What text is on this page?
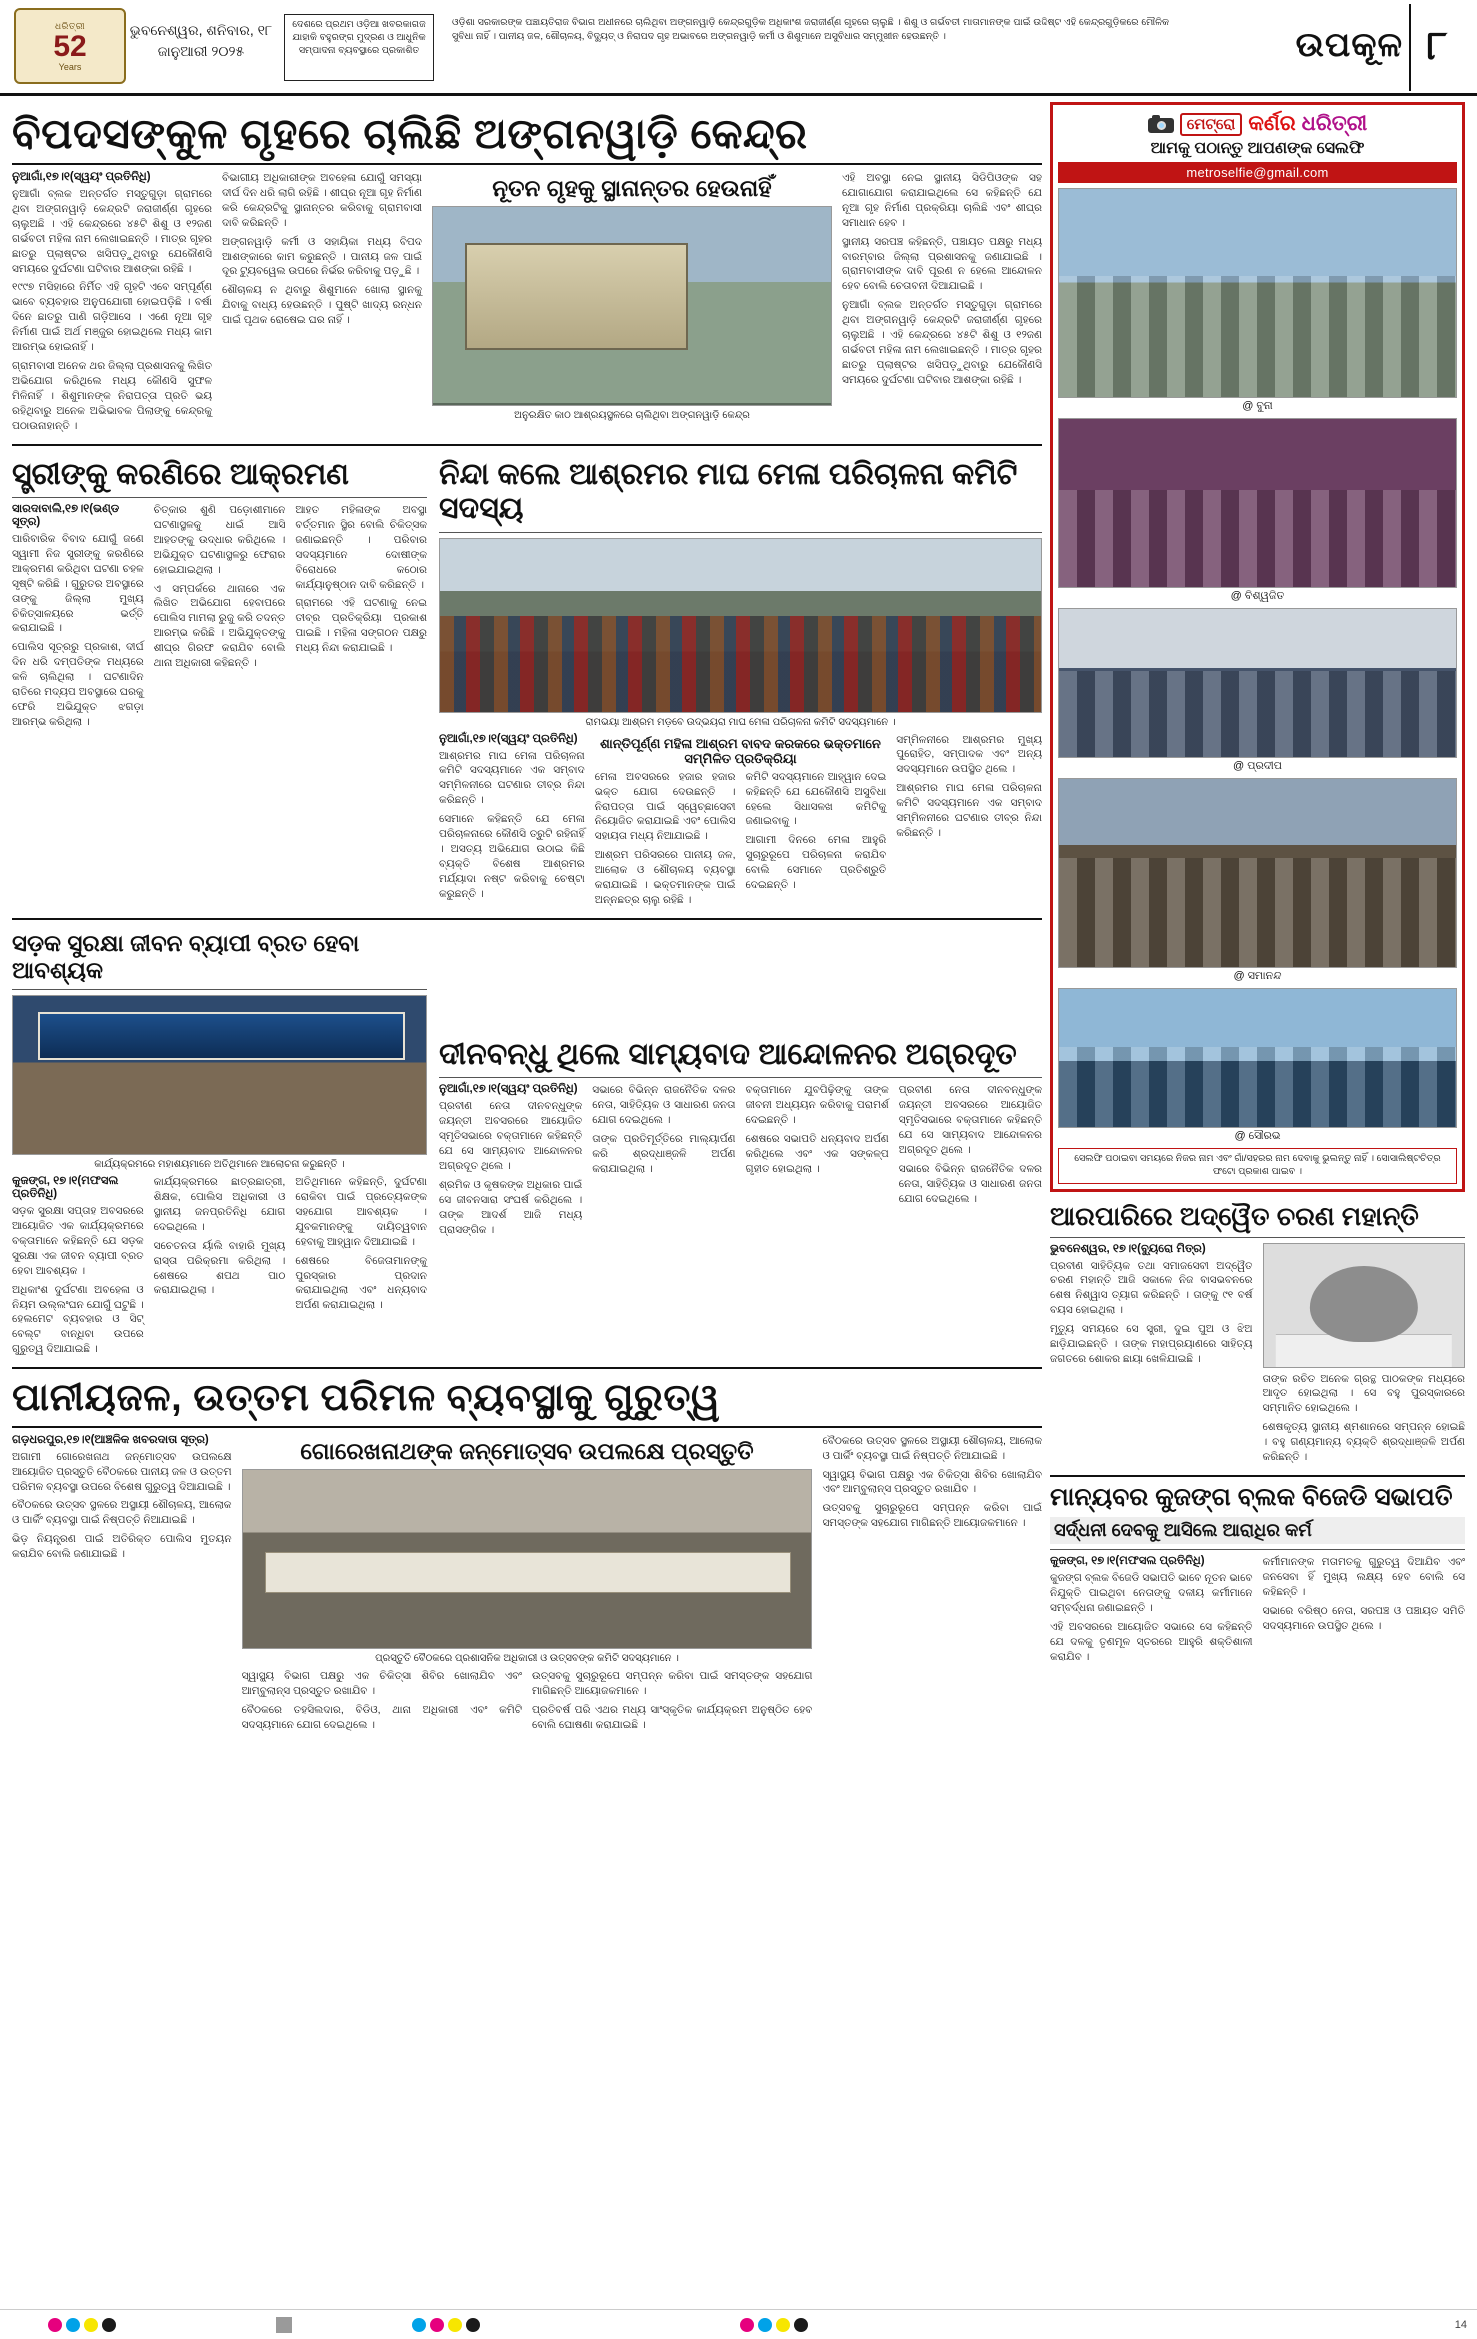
ଧରିତ୍ରୀ
52
Years
ଭୁବନେଶ୍ୱର, ଶନିବାର, ୧୮ ଜାନୁଆରୀ ୨୦୨୫
ଦେଶରେ ପ୍ରଥମ ଓଡ଼ିଆ ଖବରକାଗଜ ଯାହାକି ବହୁରଙ୍ଗ ମୁଦ୍ରଣ ଓ ଆଧୁନିକ ସମ୍ପାଦନା ବ୍ୟବସ୍ଥାରେ ପ୍ରକାଶିତ
ଓଡ଼ିଶା ସରକାରଙ୍କ ପଞ୍ଚାୟତିରାଜ ବିଭାଗ ଅଧୀନରେ ଚାଲିଥିବା ଅଙ୍ଗନୱାଡ଼ି କେନ୍ଦ୍ରଗୁଡ଼ିକ ଅଧିକାଂଶ ଜରାଜୀର୍ଣ୍ଣ ଗୃହରେ ଚାଲୁଛି । ଶିଶୁ ଓ ଗର୍ଭବତୀ ମାତାମାନଙ୍କ ପାଇଁ ଉଦ୍ଦିଷ୍ଟ ଏହି କେନ୍ଦ୍ରଗୁଡ଼ିକରେ ମୌଳିକ ସୁବିଧା ନାହିଁ । ପାନୀୟ ଜଳ, ଶୌଚାଳୟ, ବିଦ୍ୟୁତ୍ ଓ ନିରାପଦ ଗୃହ ଅଭାବରେ ଅଙ୍ଗନୱାଡ଼ି କର୍ମୀ ଓ ଶିଶୁମାନେ ଅସୁବିଧାର ସମ୍ମୁଖୀନ ହେଉଛନ୍ତି ।	ଉପକୂଳ ୮
ବିପଦସଙ୍କୁଳ ଗୃହରେ ଚାଲିଛି ଅଙ୍ଗନୱାଡ଼ି କେନ୍ଦ୍ର
ନୁଆଗାଁ,୧୭।୧(ସ୍ୱୟଂ ପ୍ରତିନିଧି)

ନୁଆଗାଁ ବ୍ଲକ ଅନ୍ତର୍ଗତ ମସ୍ତୁଗୁଡ଼ା ଗ୍ରାମରେ ଥିବା ଅଙ୍ଗନୱାଡ଼ି କେନ୍ଦ୍ରଟି ଜରାଜୀର୍ଣ୍ଣ ଗୃହରେ ଚାଲୁଅଛି । ଏହି କେନ୍ଦ୍ରରେ ୪୫ଟି ଶିଶୁ ଓ ୧୨ଜଣ ଗର୍ଭବତୀ ମହିଳା ନାମ ଲେଖାଇଛନ୍ତି । ମାତ୍ର ଗୃହର ଛାତରୁ ପ୍ଲାଷ୍ଟର ଖସିପଡ଼ୁଥିବାରୁ ଯେକୌଣସି ସମୟରେ ଦୁର୍ଘଟଣା ଘଟିବାର ଆଶଙ୍କା ରହିଛି ।

୧୯୯୭ ମସିହାରେ ନିର୍ମିତ ଏହି ଗୃହଟି ଏବେ ସମ୍ପୂର୍ଣ୍ଣ ଭାବେ ବ୍ୟବହାର ଅନୁପଯୋଗୀ ହୋଇପଡ଼ିଛି । ବର୍ଷା ଦିନେ ଛାତରୁ ପାଣି ଗଡ଼ିଆସେ । ଏଣେ ନୂଆ ଗୃହ ନିର୍ମାଣ ପାଇଁ ଅର୍ଥ ମଞ୍ଜୁର ହୋଇଥିଲେ ମଧ୍ୟ କାମ ଆରମ୍ଭ ହୋଇନାହିଁ ।

ଗ୍ରାମବାସୀ ଅନେକ ଥର ଜିଲ୍ଲା ପ୍ରଶାସନକୁ ଲିଖିତ ଅଭିଯୋଗ କରିଥିଲେ ମଧ୍ୟ କୌଣସି ସୁଫଳ ମିଳିନାହିଁ । ଶିଶୁମାନଙ୍କ ନିରାପତ୍ତା ପ୍ରତି ଭୟ ରହିଥିବାରୁ ଅନେକ ଅଭିଭାବକ ପିଲାଙ୍କୁ କେନ୍ଦ୍ରକୁ ପଠାଉନାହାନ୍ତି ।

ବିଭାଗୀୟ ଅଧିକାରୀଙ୍କ ଅବହେଳା ଯୋଗୁଁ ସମସ୍ୟା ଦୀର୍ଘ ଦିନ ଧରି ଲାଗି ରହିଛି । ଶୀଘ୍ର ନୂଆ ଗୃହ ନିର୍ମାଣ କରି କେନ୍ଦ୍ରଟିକୁ ସ୍ଥାନାନ୍ତର କରିବାକୁ ଗ୍ରାମବାସୀ ଦାବି କରିଛନ୍ତି ।

ଅଙ୍ଗନୱାଡ଼ି କର୍ମୀ ଓ ସହାୟିକା ମଧ୍ୟ ବିପଦ ଆଶଙ୍କାରେ କାମ କରୁଛନ୍ତି । ପାନୀୟ ଜଳ ପାଇଁ ଦୂର ଟ୍ୟୁବୱେଲ ଉପରେ ନିର୍ଭର କରିବାକୁ ପଡ଼ୁଛି ।

ଶୌଚାଳୟ ନ ଥିବାରୁ ଶିଶୁମାନେ ଖୋଲା ସ୍ଥାନକୁ ଯିବାକୁ ବାଧ୍ୟ ହେଉଛନ୍ତି । ପୁଷ୍ଟି ଖାଦ୍ୟ ରନ୍ଧନ ପାଇଁ ପୃଥକ ରୋଷେଇ ଘର ନାହିଁ ।

ନୂତନ ଗୃହକୁ ସ୍ଥାନାନ୍ତର ହେଉନାହିଁ
ଅନୁରକ୍ଷିତ କାଠ ଆଶ୍ରୟସ୍ଥଳରେ ଚାଲିଥିବା ଅଙ୍ଗନୱାଡ଼ି କେନ୍ଦ୍ର

ଏହି ଅବସ୍ଥା ନେଇ ସ୍ଥାନୀୟ ସିଡିପିଓଙ୍କ ସହ ଯୋଗାଯୋଗ କରାଯାଇଥିଲେ ସେ କହିଛନ୍ତି ଯେ ନୂଆ ଗୃହ ନିର୍ମାଣ ପ୍ରକ୍ରିୟା ଚାଲିଛି ଏବଂ ଶୀଘ୍ର ସମାଧାନ ହେବ ।

ସ୍ଥାନୀୟ ସରପଞ୍ଚ କହିଛନ୍ତି, ପଞ୍ଚାୟତ ପକ୍ଷରୁ ମଧ୍ୟ ବାରମ୍ବାର ଜିଲ୍ଲା ପ୍ରଶାସନକୁ ଜଣାଯାଇଛି । ଗ୍ରାମବାସୀଙ୍କ ଦାବି ପୂରଣ ନ ହେଲେ ଆନ୍ଦୋଳନ ହେବ ବୋଲି ଚେତାବନୀ ଦିଆଯାଇଛି ।

ନୁଆଗାଁ ବ୍ଲକ ଅନ୍ତର୍ଗତ ମସ୍ତୁଗୁଡ଼ା ଗ୍ରାମରେ ଥିବା ଅଙ୍ଗନୱାଡ଼ି କେନ୍ଦ୍ରଟି ଜରାଜୀର୍ଣ୍ଣ ଗୃହରେ ଚାଲୁଅଛି । ଏହି କେନ୍ଦ୍ରରେ ୪୫ଟି ଶିଶୁ ଓ ୧୨ଜଣ ଗର୍ଭବତୀ ମହିଳା ନାମ ଲେଖାଇଛନ୍ତି । ମାତ୍ର ଗୃହର ଛାତରୁ ପ୍ଲାଷ୍ଟର ଖସିପଡ଼ୁଥିବାରୁ ଯେକୌଣସି ସମୟରେ ଦୁର୍ଘଟଣା ଘଟିବାର ଆଶଙ୍କା ରହିଛି ।

ସ୍ତ୍ରୀଙ୍କୁ କରଣିରେ ଆକ୍ରମଣ
ସାରଦାବାଲି,୧୭।୧(ଭଣ୍ଡ ସୂତ୍ର)

ପାରିବାରିକ ବିବାଦ ଯୋଗୁଁ ଜଣେ ସ୍ୱାମୀ ନିଜ ସ୍ତ୍ରୀଙ୍କୁ କରଣିରେ ଆକ୍ରମଣ କରିଥିବା ଘଟଣା ଚହଳ ସୃଷ୍ଟି କରିଛି । ଗୁରୁତର ଅବସ୍ଥାରେ ତାଙ୍କୁ ଜିଲ୍ଲା ମୁଖ୍ୟ ଚିକିତ୍ସାଳୟରେ ଭର୍ତ୍ତି କରାଯାଇଛି ।

ପୋଲିସ ସୂତ୍ରରୁ ପ୍ରକାଶ, ଦୀର୍ଘ ଦିନ ଧରି ଦମ୍ପତିଙ୍କ ମଧ୍ୟରେ କଳି ଚାଲିଥିଲା । ଘଟଣାଦିନ ରାତିରେ ମଦ୍ୟପ ଅବସ୍ଥାରେ ଘରକୁ ଫେରି ଅଭିଯୁକ୍ତ ଝଗଡ଼ା ଆରମ୍ଭ କରିଥିଲା ।

ଚିତ୍କାର ଶୁଣି ପଡ଼ୋଶୀମାନେ ଘଟଣାସ୍ଥଳକୁ ଧାଇଁ ଆସି ଆହତଙ୍କୁ ଉଦ୍ଧାର କରିଥିଲେ । ଅଭିଯୁକ୍ତ ଘଟଣାସ୍ଥଳରୁ ଫେରାର ହୋଇଯାଇଥିଲା ।

ଏ ସମ୍ପର୍କରେ ଥାନାରେ ଏକ ଲିଖିତ ଅଭିଯୋଗ ହେବାପରେ ପୋଲିସ ମାମଲା ରୁଜୁ କରି ତଦନ୍ତ ଆରମ୍ଭ କରିଛି । ଅଭିଯୁକ୍ତଙ୍କୁ ଶୀଘ୍ର ଗିରଫ କରାଯିବ ବୋଲି ଥାନା ଅଧିକାରୀ କହିଛନ୍ତି ।

ଆହତ ମହିଳାଙ୍କ ଅବସ୍ଥା ବର୍ତ୍ତମାନ ସ୍ଥିର ବୋଲି ଚିକିତ୍ସକ ଜଣାଇଛନ୍ତି । ପରିବାର ସଦସ୍ୟମାନେ ଦୋଷୀଙ୍କ ବିରୋଧରେ କଠୋର କାର୍ଯ୍ୟାନୁଷ୍ଠାନ ଦାବି କରିଛନ୍ତି ।

ଗ୍ରାମରେ ଏହି ଘଟଣାକୁ ନେଇ ତୀବ୍ର ପ୍ରତିକ୍ରିୟା ପ୍ରକାଶ ପାଇଛି । ମହିଳା ସଙ୍ଗଠନ ପକ୍ଷରୁ ମଧ୍ୟ ନିନ୍ଦା କରାଯାଇଛି ।

ନିନ୍ଦା କଲେ ଆଶ୍ରମର ମାଘ ମେଳା ପରିଚାଳନା କମିଟି ସଦସ୍ୟ
ରାମଭୟା ଆଶ୍ରମ ମଡ଼ବେ ଉଦ୍ଭୟରା ମାଘ ମେଳା ପରିଚାଳନା କମିଟି ସଦସ୍ୟମାନେ ।
ନୁଆଗାଁ,୧୭।୧(ସ୍ୱୟଂ ପ୍ରତିନିଧି)

ଆଶ୍ରମର ମାଘ ମେଳା ପରିଚାଳନା କମିଟି ସଦସ୍ୟମାନେ ଏକ ସମ୍ବାଦ ସମ୍ମିଳନୀରେ ଘଟଣାର ତୀବ୍ର ନିନ୍ଦା କରିଛନ୍ତି ।

ସେମାନେ କହିଛନ୍ତି ଯେ ମେଳା ପରିଚାଳନାରେ କୌଣସି ତ୍ରୁଟି ରହିନାହିଁ । ଅସତ୍ୟ ଅଭିଯୋଗ ଉଠାଇ କିଛି ବ୍ୟକ୍ତି ବିଶେଷ ଆଶ୍ରମର ମର୍ଯ୍ୟାଦା ନଷ୍ଟ କରିବାକୁ ଚେଷ୍ଟା କରୁଛନ୍ତି ।

ଶାନ୍ତିପୂର୍ଣ୍ଣ ମହିଳା ଆଶ୍ରମ ବାବଦ କରକରେ ଭକ୍ତମାନେ ସମ୍ମିଳିତ ପ୍ରତିକ୍ରିୟା

ମେଳା ଅବସରରେ ହଜାର ହଜାର ଭକ୍ତ ଯୋଗ ଦେଉଛନ୍ତି । ନିରାପତ୍ତା ପାଇଁ ସ୍ୱେଚ୍ଛାସେବୀ ନିୟୋଜିତ କରାଯାଇଛି ଏବଂ ପୋଲିସ ସହାୟତା ମଧ୍ୟ ନିଆଯାଇଛି ।

ଆଶ୍ରମ ପରିସରରେ ପାନୀୟ ଜଳ, ଆଲୋକ ଓ ଶୌଚାଳୟ ବ୍ୟବସ୍ଥା କରାଯାଇଛି । ଭକ୍ତମାନଙ୍କ ପାଇଁ ଅନ୍ନଛତ୍ର ଚାଲୁ ରହିଛି ।

କମିଟି ସଦସ୍ୟମାନେ ଆହ୍ୱାନ ଦେଇ କହିଛନ୍ତି ଯେ ଯେକୌଣସି ଅସୁବିଧା ହେଲେ ସିଧାସଳଖ କମିଟିକୁ ଜଣାଇବାକୁ ।

ଆଗାମୀ ଦିନରେ ମେଳା ଆହୁରି ସୁଚାରୁରୂପେ ପରିଚାଳନା କରାଯିବ ବୋଲି ସେମାନେ ପ୍ରତିଶ୍ରୁତି ଦେଇଛନ୍ତି ।

ସମ୍ମିଳନୀରେ ଆଶ୍ରମର ମୁଖ୍ୟ ପୁରୋହିତ, ସମ୍ପାଦକ ଏବଂ ଅନ୍ୟ ସଦସ୍ୟମାନେ ଉପସ୍ଥିତ ଥିଲେ ।

ଆଶ୍ରମର ମାଘ ମେଳା ପରିଚାଳନା କମିଟି ସଦସ୍ୟମାନେ ଏକ ସମ୍ବାଦ ସମ୍ମିଳନୀରେ ଘଟଣାର ତୀବ୍ର ନିନ୍ଦା କରିଛନ୍ତି ।

ସଡ଼କ ସୁରକ୍ଷା ଜୀବନ ବ୍ୟାପୀ ବ୍ରତ ହେବା ଆବଶ୍ୟକ
କାର୍ଯ୍ୟକ୍ରମରେ ମହାଶୟମାନେ ଅତିଥିମାନେ ଆଲୋଚନା କରୁଛନ୍ତି ।
କୁଜଙ୍ଗ, ୧୭।୧(ମଫସଲ ପ୍ରତିନିଧି)

ସଡ଼କ ସୁରକ୍ଷା ସପ୍ତାହ ଅବସରରେ ଆୟୋଜିତ ଏକ କାର୍ଯ୍ୟକ୍ରମରେ ବକ୍ତାମାନେ କହିଛନ୍ତି ଯେ ସଡ଼କ ସୁରକ୍ଷା ଏକ ଜୀବନ ବ୍ୟାପୀ ବ୍ରତ ହେବା ଆବଶ୍ୟକ ।

ଅଧିକାଂଶ ଦୁର୍ଘଟଣା ଅବହେଳା ଓ ନିୟମ ଉଲ୍ଲଂଘନ ଯୋଗୁଁ ଘଟୁଛି । ହେଲମେଟ ବ୍ୟବହାର ଓ ସିଟ୍ ବେଲ୍ଟ ବାନ୍ଧିବା ଉପରେ ଗୁରୁତ୍ୱ ଦିଆଯାଇଛି ।

କାର୍ଯ୍ୟକ୍ରମରେ ଛାତ୍ରଛାତ୍ରୀ, ଶିକ୍ଷକ, ପୋଲିସ ଅଧିକାରୀ ଓ ସ୍ଥାନୀୟ ଜନପ୍ରତିନିଧି ଯୋଗ ଦେଇଥିଲେ ।

ସଚେତନତା ର୍ୟାଲି ବାହାରି ମୁଖ୍ୟ ରାସ୍ତା ପରିକ୍ରମା କରିଥିଲା । ଶେଷରେ ଶପଥ ପାଠ କରାଯାଇଥିଲା ।

ଅତିଥିମାନେ କହିଛନ୍ତି, ଦୁର୍ଘଟଣା ରୋକିବା ପାଇଁ ପ୍ରତ୍ୟେକଙ୍କ ସହଯୋଗ ଆବଶ୍ୟକ । ଯୁବକମାନଙ୍କୁ ଦାୟିତ୍ୱବାନ ହେବାକୁ ଆହ୍ୱାନ ଦିଆଯାଇଛି ।

ଶେଷରେ ବିଜେତାମାନଙ୍କୁ ପୁରସ୍କାର ପ୍ରଦାନ କରାଯାଇଥିଲା ଏବଂ ଧନ୍ୟବାଦ ଅର୍ପଣ କରାଯାଇଥିଲା ।

ଦୀନବନ୍ଧୁ ଥିଲେ ସାମ୍ୟବାଦ ଆନ୍ଦୋଳନର ଅଗ୍ରଦୂତ
ନୁଆଗାଁ,୧୭।୧(ସ୍ୱୟଂ ପ୍ରତିନିଧି)

ପ୍ରବୀଣ ନେତା ଦୀନବନ୍ଧୁଙ୍କ ଜୟନ୍ତୀ ଅବସରରେ ଆୟୋଜିତ ସ୍ମୃତିସଭାରେ ବକ୍ତାମାନେ କହିଛନ୍ତି ଯେ ସେ ସାମ୍ୟବାଦ ଆନ୍ଦୋଳନର ଅଗ୍ରଦୂତ ଥିଲେ ।

ଶ୍ରମିକ ଓ କୃଷକଙ୍କ ଅଧିକାର ପାଇଁ ସେ ଜୀବନସାରା ସଂଘର୍ଷ କରିଥିଲେ । ତାଙ୍କ ଆଦର୍ଶ ଆଜି ମଧ୍ୟ ପ୍ରାସଙ୍ଗିକ ।

ସଭାରେ ବିଭିନ୍ନ ରାଜନୈତିକ ଦଳର ନେତା, ସାହିତ୍ୟିକ ଓ ସାଧାରଣ ଜନତା ଯୋଗ ଦେଇଥିଲେ ।

ତାଙ୍କ ପ୍ରତିମୂର୍ତ୍ତିରେ ମାଲ୍ୟାର୍ପଣ କରି ଶ୍ରଦ୍ଧାଞ୍ଜଳି ଅର୍ପଣ କରାଯାଇଥିଲା ।

ବକ୍ତାମାନେ ଯୁବପିଢ଼ିଙ୍କୁ ତାଙ୍କ ଜୀବନୀ ଅଧ୍ୟୟନ କରିବାକୁ ପରାମର୍ଶ ଦେଇଛନ୍ତି ।

ଶେଷରେ ସଭାପତି ଧନ୍ୟବାଦ ଅର୍ପଣ କରିଥିଲେ ଏବଂ ଏକ ସଙ୍କଳ୍ପ ଗୃହୀତ ହୋଇଥିଲା ।

ପ୍ରବୀଣ ନେତା ଦୀନବନ୍ଧୁଙ୍କ ଜୟନ୍ତୀ ଅବସରରେ ଆୟୋଜିତ ସ୍ମୃତିସଭାରେ ବକ୍ତାମାନେ କହିଛନ୍ତି ଯେ ସେ ସାମ୍ୟବାଦ ଆନ୍ଦୋଳନର ଅଗ୍ରଦୂତ ଥିଲେ ।

ସଭାରେ ବିଭିନ୍ନ ରାଜନୈତିକ ଦଳର ନେତା, ସାହିତ୍ୟିକ ଓ ସାଧାରଣ ଜନତା ଯୋଗ ଦେଇଥିଲେ ।

ପାନୀୟଜଳ, ଉତ୍ତମ ପରିମଳ ବ୍ୟବସ୍ଥାକୁ ଗୁରୁତ୍ୱ
ଗଡ଼ଧରପୁର,୧୭।୧(ଆଞ୍ଚଳିକ ଖବରଦାତା ସୂତ୍ର)

ଅଗାମୀ ଗୋରେଖନାଥ ଜନ୍ମୋତ୍ସବ ଉପଲକ୍ଷେ ଆୟୋଜିତ ପ୍ରସ୍ତୁତି ବୈଠକରେ ପାନୀୟ ଜଳ ଓ ଉତ୍ତମ ପରିମଳ ବ୍ୟବସ୍ଥା ଉପରେ ବିଶେଷ ଗୁରୁତ୍ୱ ଦିଆଯାଇଛି ।

ବୈଠକରେ ଉତ୍ସବ ସ୍ଥଳରେ ଅସ୍ଥାୟୀ ଶୌଚାଳୟ, ଆଲୋକ ଓ ପାର୍କିଂ ବ୍ୟବସ୍ଥା ପାଇଁ ନିଷ୍ପତ୍ତି ନିଆଯାଇଛି ।

ଭିଡ଼ ନିୟନ୍ତ୍ରଣ ପାଇଁ ଅତିରିକ୍ତ ପୋଲିସ ମୁତୟନ କରାଯିବ ବୋଲି ଜଣାଯାଇଛି ।

ଗୋରେଖନାଥଙ୍କ ଜନ୍ମୋତ୍ସବ ଉପଲକ୍ଷେ ପ୍ରସ୍ତୁତି
ପ୍ରସ୍ତୁତି ବୈଠକରେ ପ୍ରଶାସନିକ ଅଧିକାରୀ ଓ ଉତ୍ସବଙ୍କ କମିଟି ସଦସ୍ୟମାନେ ।

ସ୍ୱାସ୍ଥ୍ୟ ବିଭାଗ ପକ୍ଷରୁ ଏକ ଚିକିତ୍ସା ଶିବିର ଖୋଲାଯିବ ଏବଂ ଆମ୍ବୁଲାନ୍ସ ପ୍ରସ୍ତୁତ ରଖାଯିବ ।

ବୈଠକରେ ତହସିଲଦାର, ବିଡିଓ, ଥାନା ଅଧିକାରୀ ଏବଂ କମିଟି ସଦସ୍ୟମାନେ ଯୋଗ ଦେଇଥିଲେ ।

ଉତ୍ସବକୁ ସୁଚାରୁରୂପେ ସମ୍ପନ୍ନ କରିବା ପାଇଁ ସମସ୍ତଙ୍କ ସହଯୋଗ ମାଗିଛନ୍ତି ଆୟୋଜକମାନେ ।

ପ୍ରତିବର୍ଷ ପରି ଏଥର ମଧ୍ୟ ସାଂସ୍କୃତିକ କାର୍ଯ୍ୟକ୍ରମ ଅନୁଷ୍ଠିତ ହେବ ବୋଲି ଘୋଷଣା କରାଯାଇଛି ।

ବୈଠକରେ ଉତ୍ସବ ସ୍ଥଳରେ ଅସ୍ଥାୟୀ ଶୌଚାଳୟ, ଆଲୋକ ଓ ପାର୍କିଂ ବ୍ୟବସ୍ଥା ପାଇଁ ନିଷ୍ପତ୍ତି ନିଆଯାଇଛି ।

ସ୍ୱାସ୍ଥ୍ୟ ବିଭାଗ ପକ୍ଷରୁ ଏକ ଚିକିତ୍ସା ଶିବିର ଖୋଲାଯିବ ଏବଂ ଆମ୍ବୁଲାନ୍ସ ପ୍ରସ୍ତୁତ ରଖାଯିବ ।

ଉତ୍ସବକୁ ସୁଚାରୁରୂପେ ସମ୍ପନ୍ନ କରିବା ପାଇଁ ସମସ୍ତଙ୍କ ସହଯୋଗ ମାଗିଛନ୍ତି ଆୟୋଜକମାନେ ।

ମେଟ୍ରୋ କର୍ଣର ଧରିତ୍ରୀ
ଆମକୁ ପଠାନ୍ତୁ ଆପଣଙ୍କ ସେଲଫି
metroselfie@gmail.com
@ ବୁନା
@ ବିଶ୍ୱଜିତ
@ ପ୍ରଦୀପ
@ ସମାନନ୍ଦ
@ ସୌରଭ
ସେଲଫି ପଠାଇବା ସମୟରେ ନିଜର ନାମ ଏବଂ ଗାଁ/ସହରର ନାମ ଦେବାକୁ ଭୁଲନ୍ତୁ ନାହିଁ । ସୋସାଲିଷ୍ଟଚିତ୍ର ଫଟୋ ପ୍ରକାଶ ପାଇବ ।
ଆରପାରିରେ ଅଦ୍ୱୈତ ଚରଣ ମହାନ୍ତି
ଭୁବନେଶ୍ୱର, ୧୭।୧(ବ୍ୟୁରୋ ମିତ୍ର)

ପ୍ରବୀଣ ସାହିତ୍ୟିକ ତଥା ସମାଜସେବୀ ଅଦ୍ୱୈତ ଚରଣ ମହାନ୍ତି ଆଜି ସକାଳେ ନିଜ ବାସଭବନରେ ଶେଷ ନିଶ୍ୱାସ ତ୍ୟାଗ କରିଛନ୍ତି । ତାଙ୍କୁ ୯୧ ବର୍ଷ ବୟସ ହୋଇଥିଲା ।

ମୃତ୍ୟୁ ସମୟରେ ସେ ସ୍ତ୍ରୀ, ଦୁଇ ପୁଅ ଓ ଝିଅ ଛାଡ଼ିଯାଇଛନ୍ତି । ତାଙ୍କ ମହାପ୍ରୟାଣରେ ସାହିତ୍ୟ ଜଗତରେ ଶୋକର ଛାୟା ଖେଳିଯାଇଛି ।

ତାଙ୍କ ରଚିତ ଅନେକ ଗ୍ରନ୍ଥ ପାଠକଙ୍କ ମଧ୍ୟରେ ଆଦୃତ ହୋଇଥିଲା । ସେ ବହୁ ପୁରସ୍କାରରେ ସମ୍ମାନିତ ହୋଇଥିଲେ ।

ଶେଷକୃତ୍ୟ ସ୍ଥାନୀୟ ଶ୍ମଶାନରେ ସମ୍ପନ୍ନ ହୋଇଛି । ବହୁ ଗଣ୍ୟମାନ୍ୟ ବ୍ୟକ୍ତି ଶ୍ରଦ୍ଧାଞ୍ଜଳି ଅର୍ପଣ କରିଛନ୍ତି ।

ମାନ୍ୟବର କୁଜଙ୍ଗ ବ୍ଲକ ବିଜେଡି ସଭାପତି
ସର୍ଦ୍ଧନୀ ଦେବକୁ ଆସିଲେ ଆରାଧିର କର୍ମ
କୁଜଙ୍ଗ, ୧୭।୧(ମଫସଲ ପ୍ରତିନିଧି)

କୁଜଙ୍ଗ ବ୍ଲକ ବିଜେଡି ସଭାପତି ଭାବେ ନୂତନ ଭାବେ ନିଯୁକ୍ତି ପାଇଥିବା ନେତାଙ୍କୁ ଦଳୀୟ କର୍ମୀମାନେ ସମ୍ବର୍ଦ୍ଧନା ଜଣାଇଛନ୍ତି ।

ଏହି ଅବସରରେ ଆୟୋଜିତ ସଭାରେ ସେ କହିଛନ୍ତି ଯେ ଦଳକୁ ତୃଣମୂଳ ସ୍ତରରେ ଆହୁରି ଶକ୍ତିଶାଳୀ କରାଯିବ ।

କର୍ମୀମାନଙ୍କ ମତାମତକୁ ଗୁରୁତ୍ୱ ଦିଆଯିବ ଏବଂ ଜନସେବା ହିଁ ମୁଖ୍ୟ ଲକ୍ଷ୍ୟ ହେବ ବୋଲି ସେ କହିଛନ୍ତି ।

ସଭାରେ ବରିଷ୍ଠ ନେତା, ସରପଞ୍ଚ ଓ ପଞ୍ଚାୟତ ସମିତି ସଦସ୍ୟମାନେ ଉପସ୍ଥିତ ଥିଲେ ।

14
